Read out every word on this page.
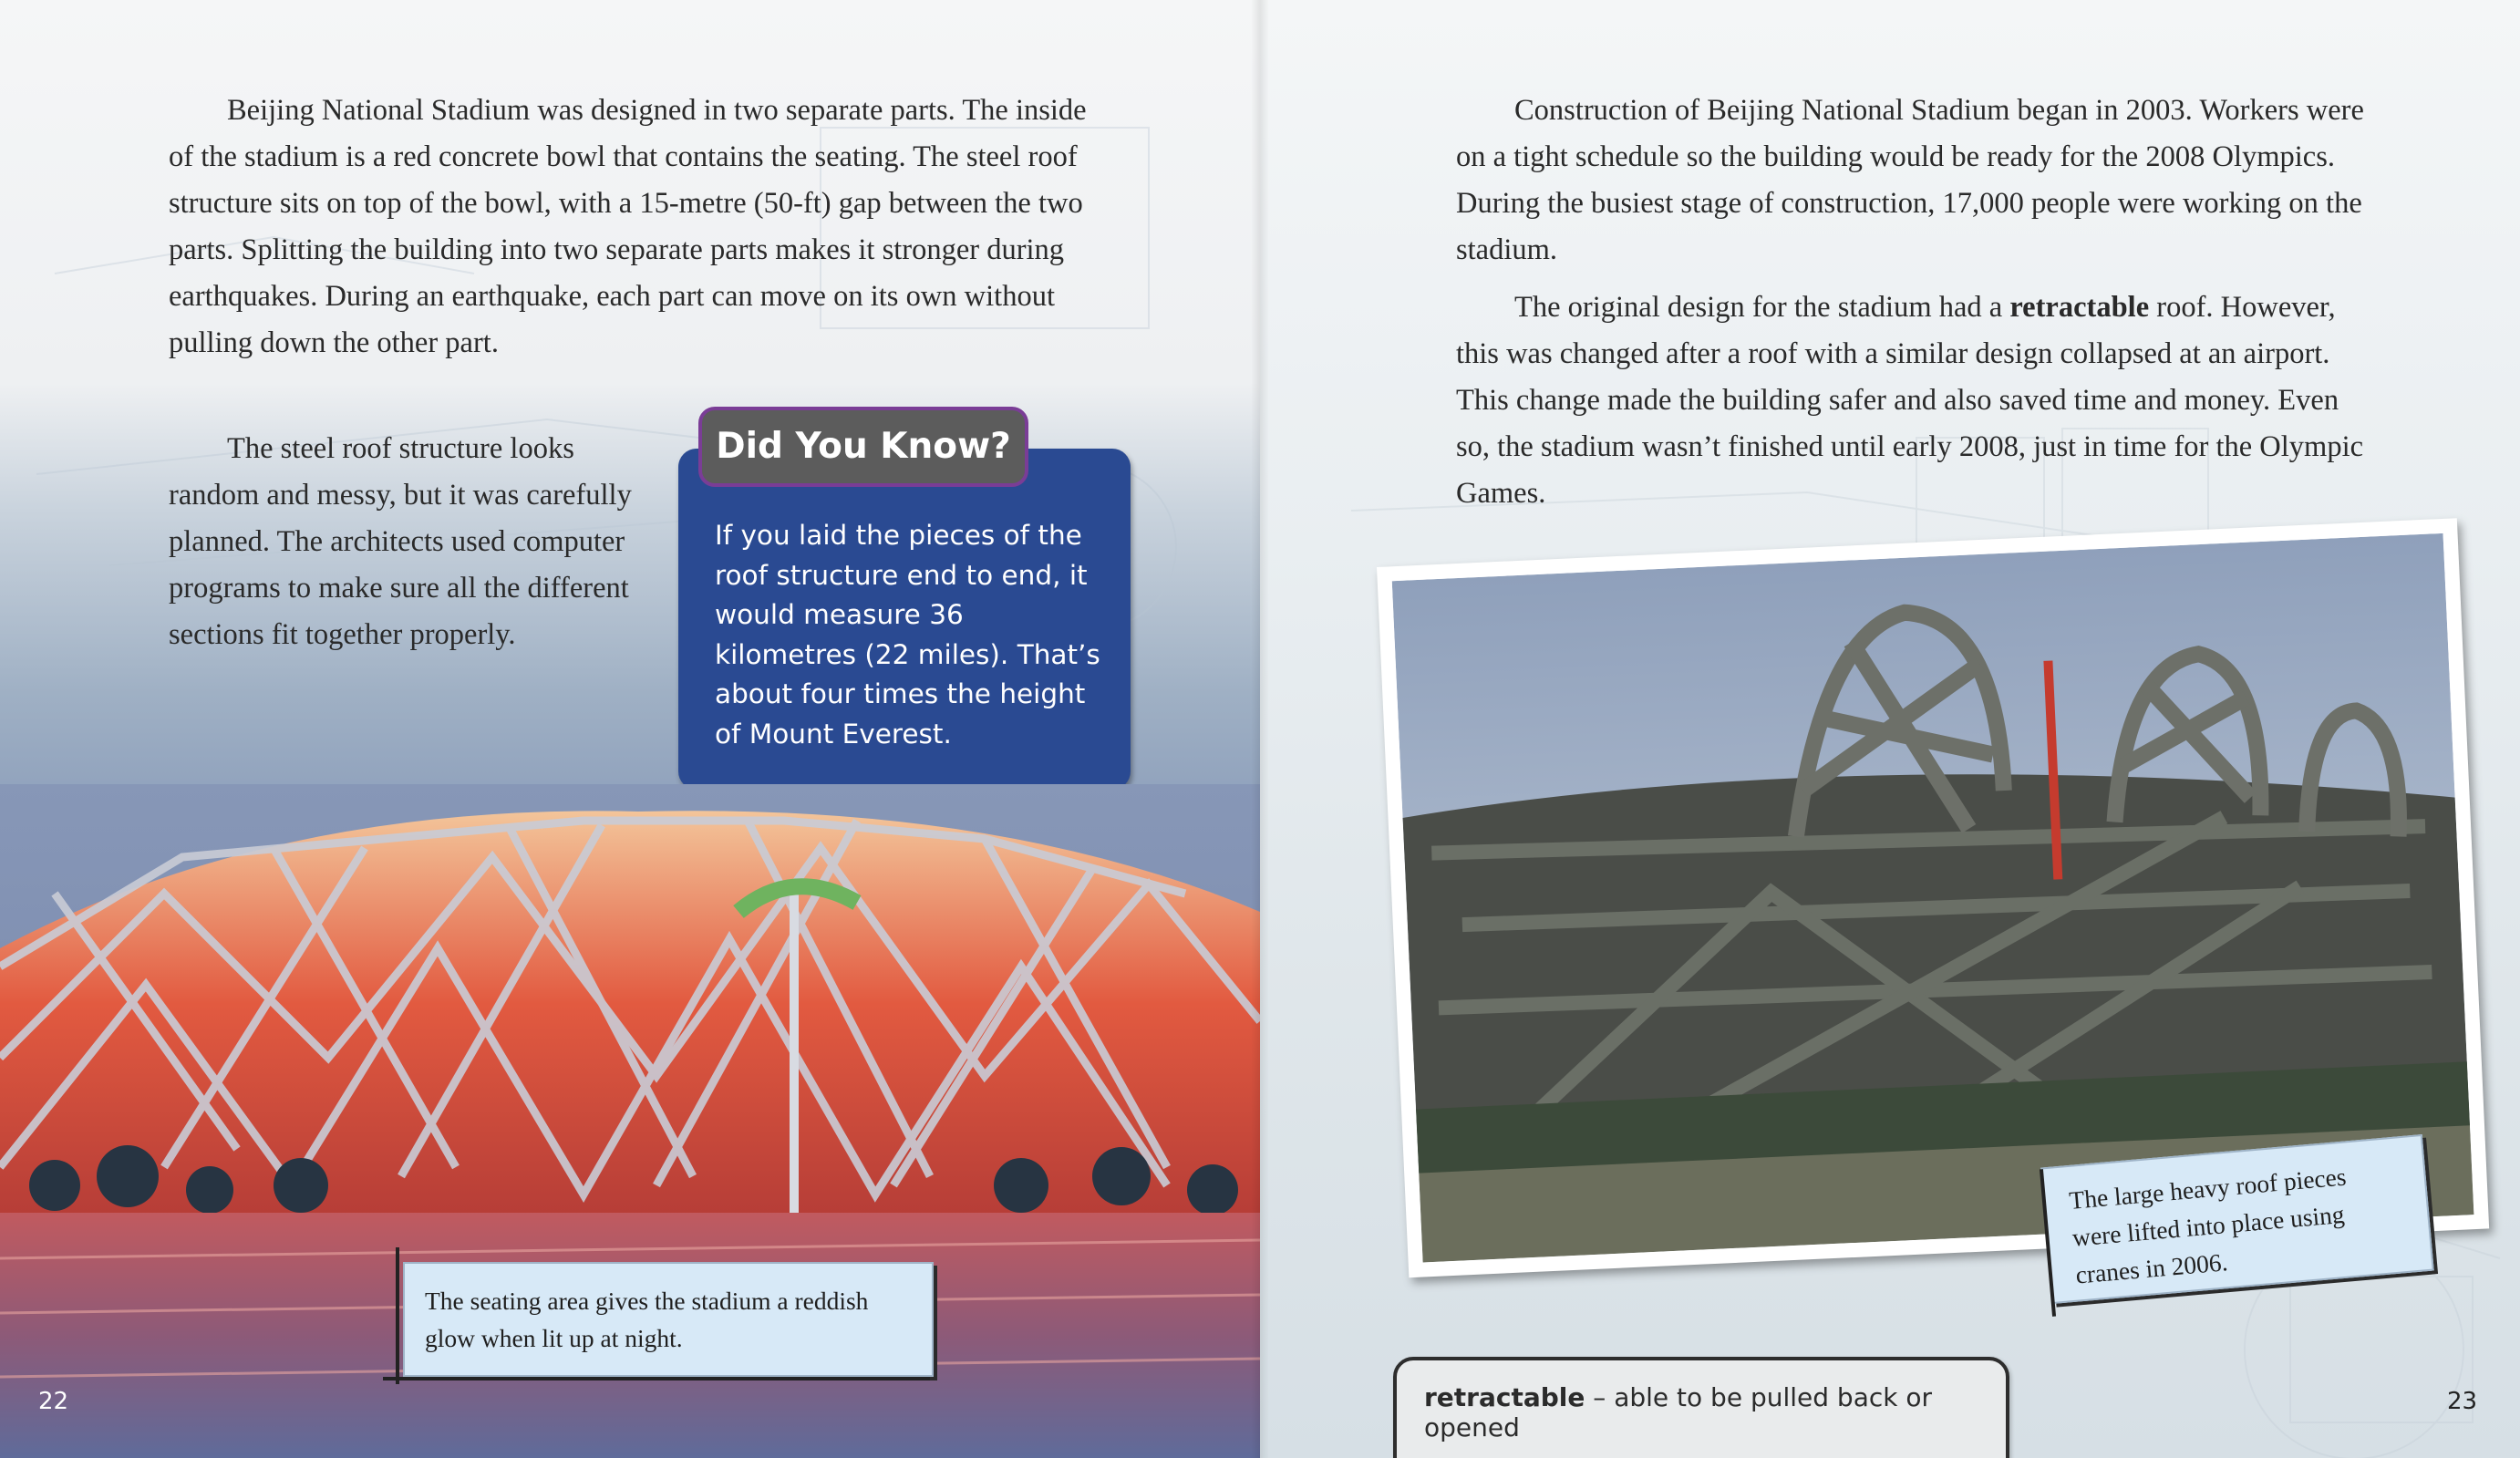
Beijing National Stadium was designed in two separate parts. The inside of the stadium is a red concrete bowl that contains the seating. The steel roof structure sits on top of the bowl, with a 15-metre (50-ft) gap between the two parts. Splitting the building into two separate parts makes it stronger during earthquakes. During an earthquake, each part can move on its own without pulling down the other part.

The steel roof structure looks random and messy, but it was carefully planned. The architects used computer programs to make sure all the different sections fit together properly.

Did You Know?

If you laid the pieces of the roof structure end to end, it would measure 36 kilometres (22 miles). That’s about four times the height of Mount Everest.

The seating area gives the stadium a reddish glow when lit up at night.
22

Construction of Beijing National Stadium began in 2003. Workers were on a tight schedule so the building would be ready for the 2008 Olympics. During the busiest stage of construction, 17,000 people were working on the stadium.

The original design for the stadium had a retractable roof. However, this was changed after a roof with a similar design collapsed at an airport. This change made the building safer and also saved time and money. Even so, the stadium wasn’t finished until early 2008, just in time for the Olympic Games.

The large heavy roof pieces were lifted into place using cranes in 2006.
retractable – able to be pulled back or opened
23
